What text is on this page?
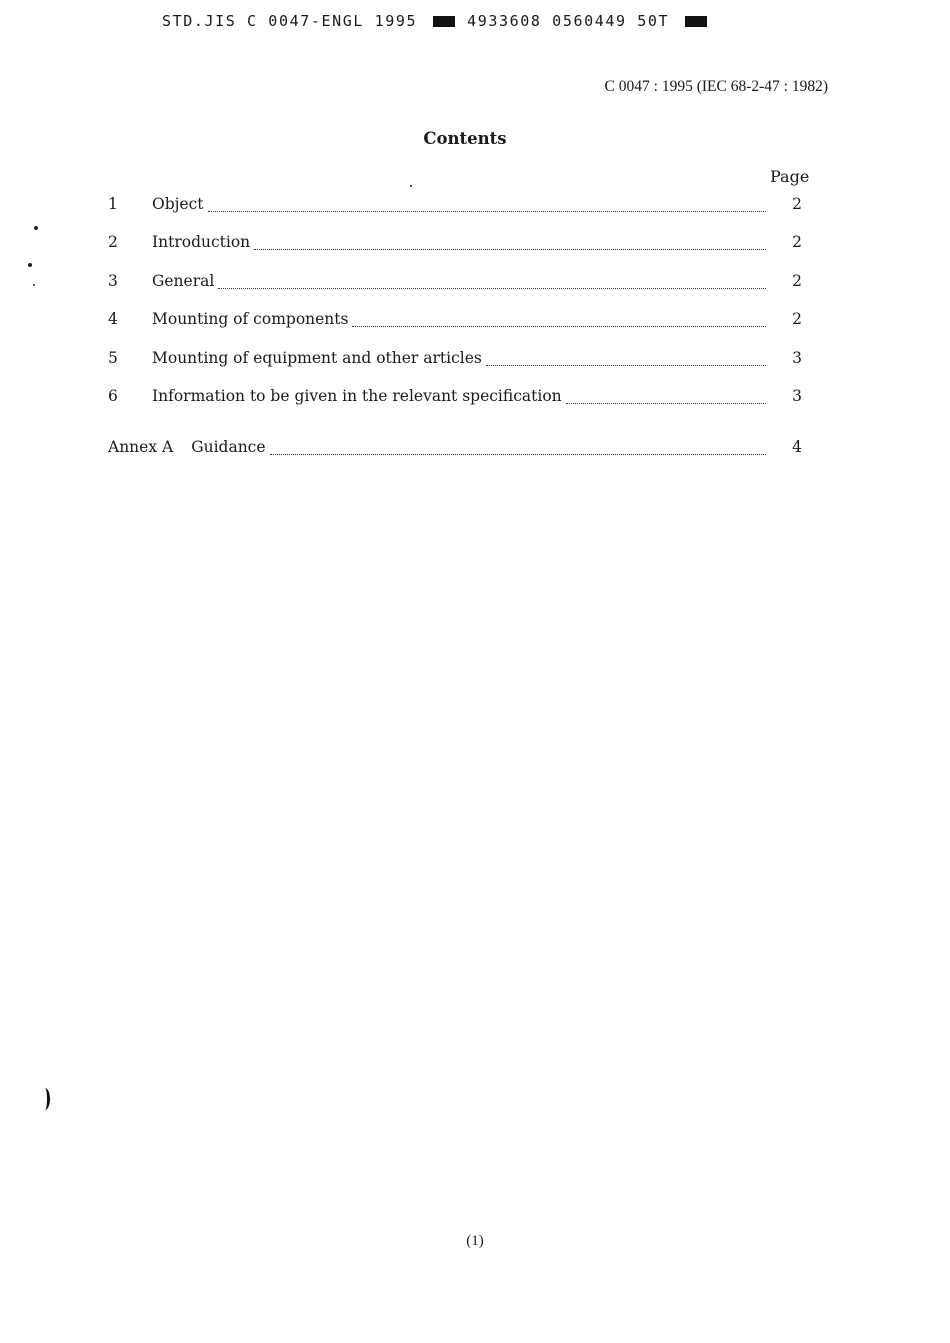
STD.JIS C 0047-ENGL 1995	4933608 0560449 50T
C 0047 : 1995 (IEC 68-2-47 : 1982)
Contents
Page
1	Object	2
2	Introduction	2
3	General	2
4	Mounting of components	2
5	Mounting of equipment and other articles	3
6	Information to be given in the relevant specification	3
Annex A	Guidance	4
(1)
